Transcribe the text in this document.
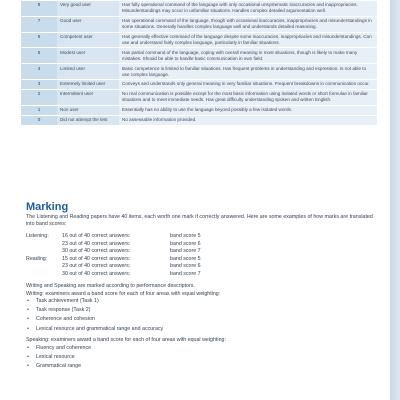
8	Very good user	Has fully operational command of the language with only occasional unsystematic inaccuracies and inappropriacies. Misunderstandings may occur in unfamiliar situations. Handles complex detailed argumentation well.
7	Good user	Has operational command of the language, though with occasional inaccuracies, inappropriacies and misunderstandings in some situations. Generally handles complex language well and understands detailed reasoning.
6	Competent user	Has generally effective command of the language despite some inaccuracies, inappropriacies and misunderstandings. Can use and understand fairly complex language, particularly in familiar situations.
5	Modest user	Has partial command of the language, coping with overall meaning in most situations, though is likely to make many mistakes. Should be able to handle basic communication in own field.
4	Limited user	Basic competence is limited to familiar situations. Has frequent problems in understanding and expression. Is not able to use complex language.
3	Extremely limited user	Conveys and understands only general meaning in very familiar situations. Frequent breakdowns in communication occur.
2	Intermittent user	No real communication is possible except for the most basic information using isolated words or short formulae in familiar situations and to meet immediate needs. Has great difficulty understanding spoken and written English.
1	Non user	Essentially has no ability to use the language beyond possibly a few isolated words.
0	Did not attempt the test	No assessable information provided.
Marking

The Listening and Reading papers have 40 items, each worth one mark if correctly answered. Here are some examples of how marks are translated into band scores:

Listening:	16 out of 40 correct answers:	band score 5
23 out of 40 correct answers:	band score 6
30 out of 40 correct answers:	band score 7
Reading:	15 out of 40 correct answers:	band score 5
23 out of 40 correct answers:	band score 6
30 out of 40 correct answers:	band score 7

Writing and Speaking are marked according to performance descriptors.

Writing: examiners award a band score for each of four areas with equal weighting:

• Task achievement (Task 1)
• Task response (Task 2)
• Coherence and cohesion
• Lexical resource and grammatical range and accuracy

Speaking: examiners award a band score for each of four areas with equal weighting:

• Fluency and coherence
• Lexical resource
• Grammatical range
